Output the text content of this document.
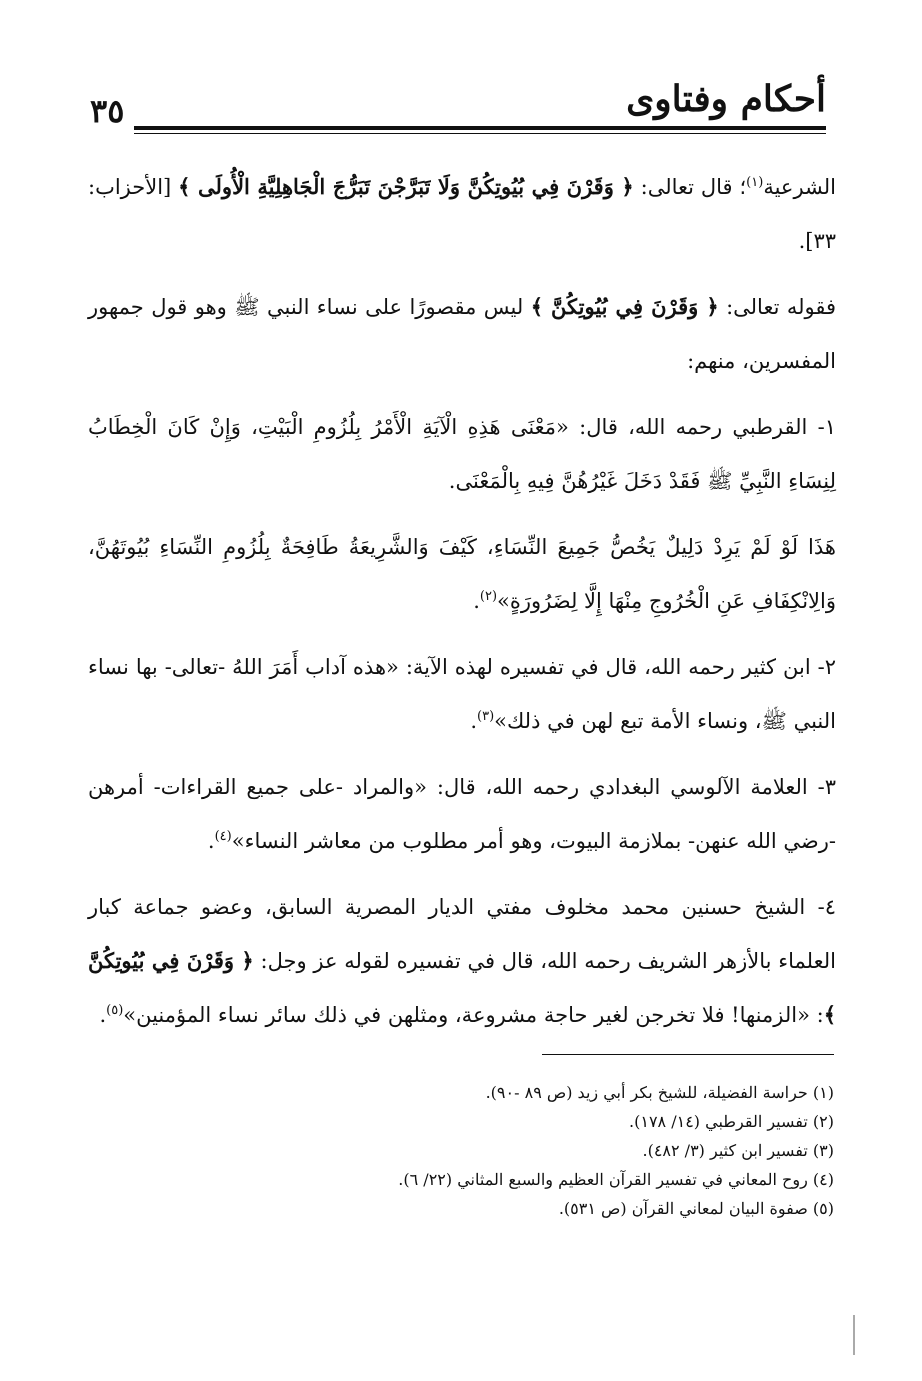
أحكام وفتاوى
٣٥

الشرعية$^{(١)}$؛ قال تعالى: ﴿ وَقَرْنَ فِي بُيُوتِكُنَّ وَلَا تَبَرَّجْنَ تَبَرُّجَ الْجَاهِلِيَّةِ الْأُولَى ﴾ [الأحزاب: ٣٣].

فقوله تعالى: ﴿ وَقَرْنَ فِي بُيُوتِكُنَّ ﴾ ليس مقصورًا على نساء النبي ﷺ وهو قول جمهور المفسرين، منهم:

١- القرطبي رحمه الله، قال: «مَعْنَى هَذِهِ الْآيَةِ الْأَمْرُ بِلُزُومِ الْبَيْتِ، وَإِنْ كَانَ الْخِطَابُ لِنِسَاءِ النَّبِيِّ ﷺ فَقَدْ دَخَلَ غَيْرُهُنَّ فِيهِ بِالْمَعْنَى.

هَذَا لَوْ لَمْ يَرِدْ دَلِيلٌ يَخُصُّ جَمِيعَ النِّسَاءِ، كَيْفَ وَالشَّرِيعَةُ طَافِحَةٌ بِلُزُومِ النِّسَاءِ بُيُوتَهُنَّ، وَالِانْكِفَافِ عَنِ الْخُرُوجِ مِنْهَا إِلَّا لِضَرُورَةٍ»$^{(٢)}$.

٢- ابن كثير رحمه الله، قال في تفسيره لهذه الآية: «هذه آداب أَمَرَ اللهُ -تعالى- بها نساء النبي ﷺ، ونساء الأمة تبع لهن في ذلك»$^{(٣)}$.

٣- العلامة الآلوسي البغدادي رحمه الله، قال: «والمراد -على جميع القراءات- أمرهن -رضي الله عنهن- بملازمة البيوت، وهو أمر مطلوب من معاشر النساء»$^{(٤)}$.

٤- الشيخ حسنين محمد مخلوف مفتي الديار المصرية السابق، وعضو جماعة كبار العلماء بالأزهر الشريف رحمه الله، قال في تفسيره لقوله عز وجل: ﴿ وَقَرْنَ فِي بُيُوتِكُنَّ ﴾: «الزمنها! فلا تخرجن لغير حاجة مشروعة، ومثلهن في ذلك سائر نساء المؤمنين»$^{(٥)}$.

(١) حراسة الفضيلة، للشيخ بكر أبي زيد (ص ٨٩ -٩٠).
(٢) تفسير القرطبي (١٤/ ١٧٨).
(٣) تفسير ابن كثير (٣/ ٤٨٢).
(٤) روح المعاني في تفسير القرآن العظيم والسبع المثاني (٢٢/ ٦).
(٥) صفوة البيان لمعاني القرآن (ص ٥٣١).
